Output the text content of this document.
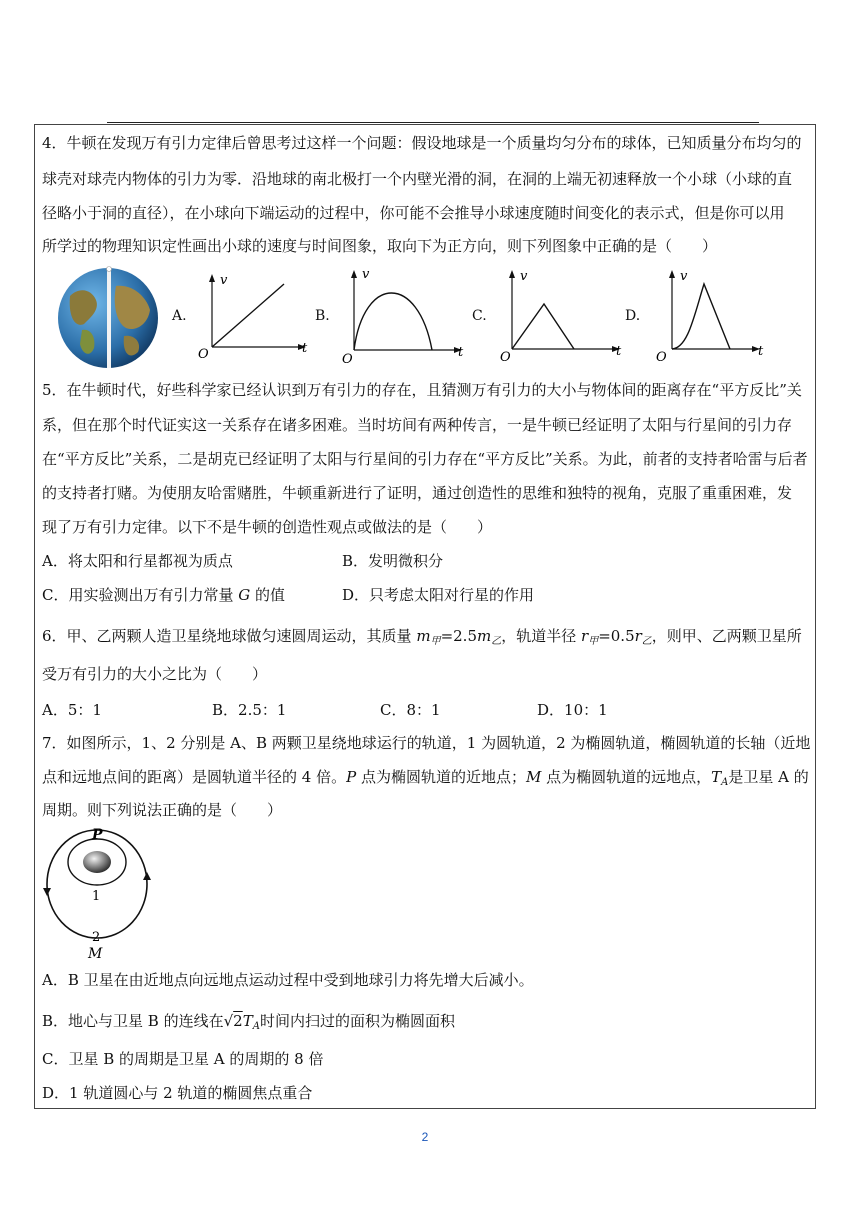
4．牛顿在发现万有引力定律后曾思考过这样一个问题：假设地球是一个质量均匀分布的球体，已知质量分布均匀的
球壳对球壳内物体的引力为零．沿地球的南北极打一个内壁光滑的洞，在洞的上端无初速释放一个小球（小球的直
径略小于洞的直径），在小球向下端运动的过程中，你可能不会推导小球速度随时间变化的表示式，但是你可以用
所学过的物理知识定性画出小球的速度与时间图象，取向下为正方向，则下列图象中正确的是（　　）
A.	B.	C.	D.
v
O	t
v
O	t
v
O	t
v
O	t
5．在牛顿时代，好些科学家已经认识到万有引力的存在，且猜测万有引力的大小与物体间的距离存在“平方反比”关
系，但在那个时代证实这一关系存在诸多困难。当时坊间有两种传言，一是牛顿已经证明了太阳与行星间的引力存
在“平方反比”关系，二是胡克已经证明了太阳与行星间的引力存在“平方反比”关系。为此，前者的支持者哈雷与后者
的支持者打赌。为使朋友哈雷赌胜，牛顿重新进行了证明，通过创造性的思维和独特的视角，克服了重重困难，发
现了万有引力定律。以下不是牛顿的创造性观点或做法的是（　　）
A．将太阳和行星都视为质点	B．发明微积分
C．用实验测出万有引力常量 G 的值	D．只考虑太阳对行星的作用
6．甲、乙两颗人造卫星绕地球做匀速圆周运动，其质量 $m_甲=2.5m_乙$，轨道半径 $r_甲=0.5r_乙$，则甲、乙两颗卫星所
受万有引力的大小之比为（　　）
A．5：1	B．2.5：1	C．8：1	D．10：1
7．如图所示，1、2 分别是 A、B 两颗卫星绕地球运行的轨道，1 为圆轨道，2 为椭圆轨道，椭圆轨道的长轴（近地
点和远地点间的距离）是圆轨道半径的 4 倍。P 点为椭圆轨道的近地点；M 点为椭圆轨道的远地点，$T_A$是卫星 A 的
周期。则下列说法正确的是（　　）
P
1
2
M
A．B 卫星在由近地点向远地点运动过程中受到地球引力将先增大后减小。
B．地心与卫星 B 的连线在$√2T_A$时间内扫过的面积为椭圆面积
C．卫星 B 的周期是卫星 A 的周期的 8 倍
D．1 轨道圆心与 2 轨道的椭圆焦点重合
2
